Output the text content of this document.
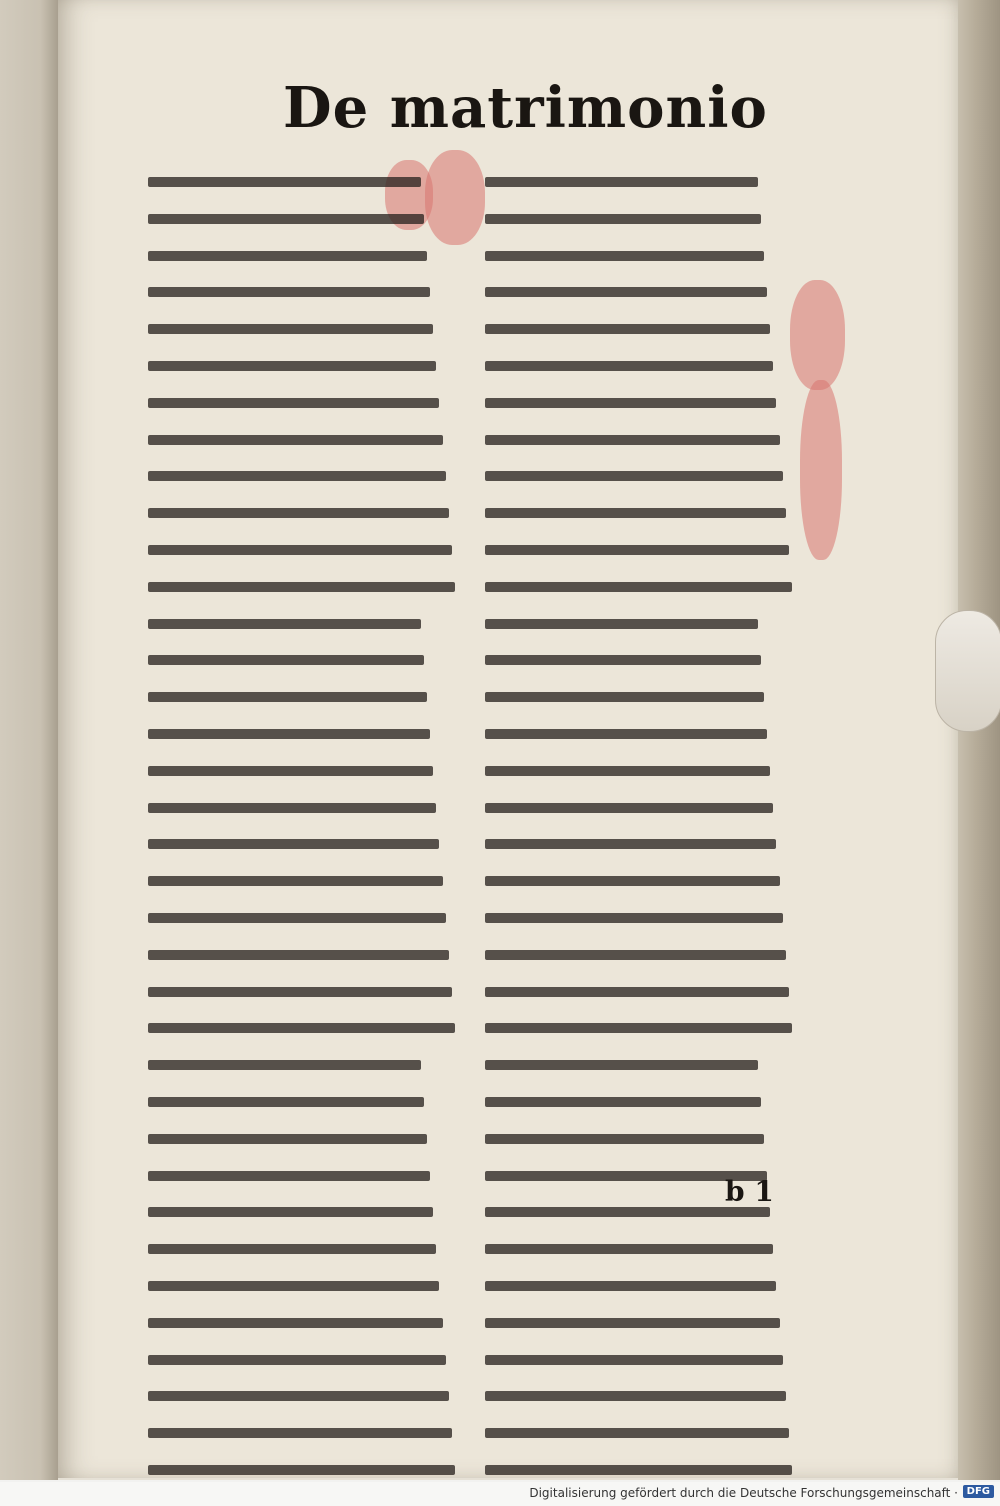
De matrimonio
b 1
Digitalisierung gefördert durch die Deutsche Forschungsgemeinschaft · DFG
